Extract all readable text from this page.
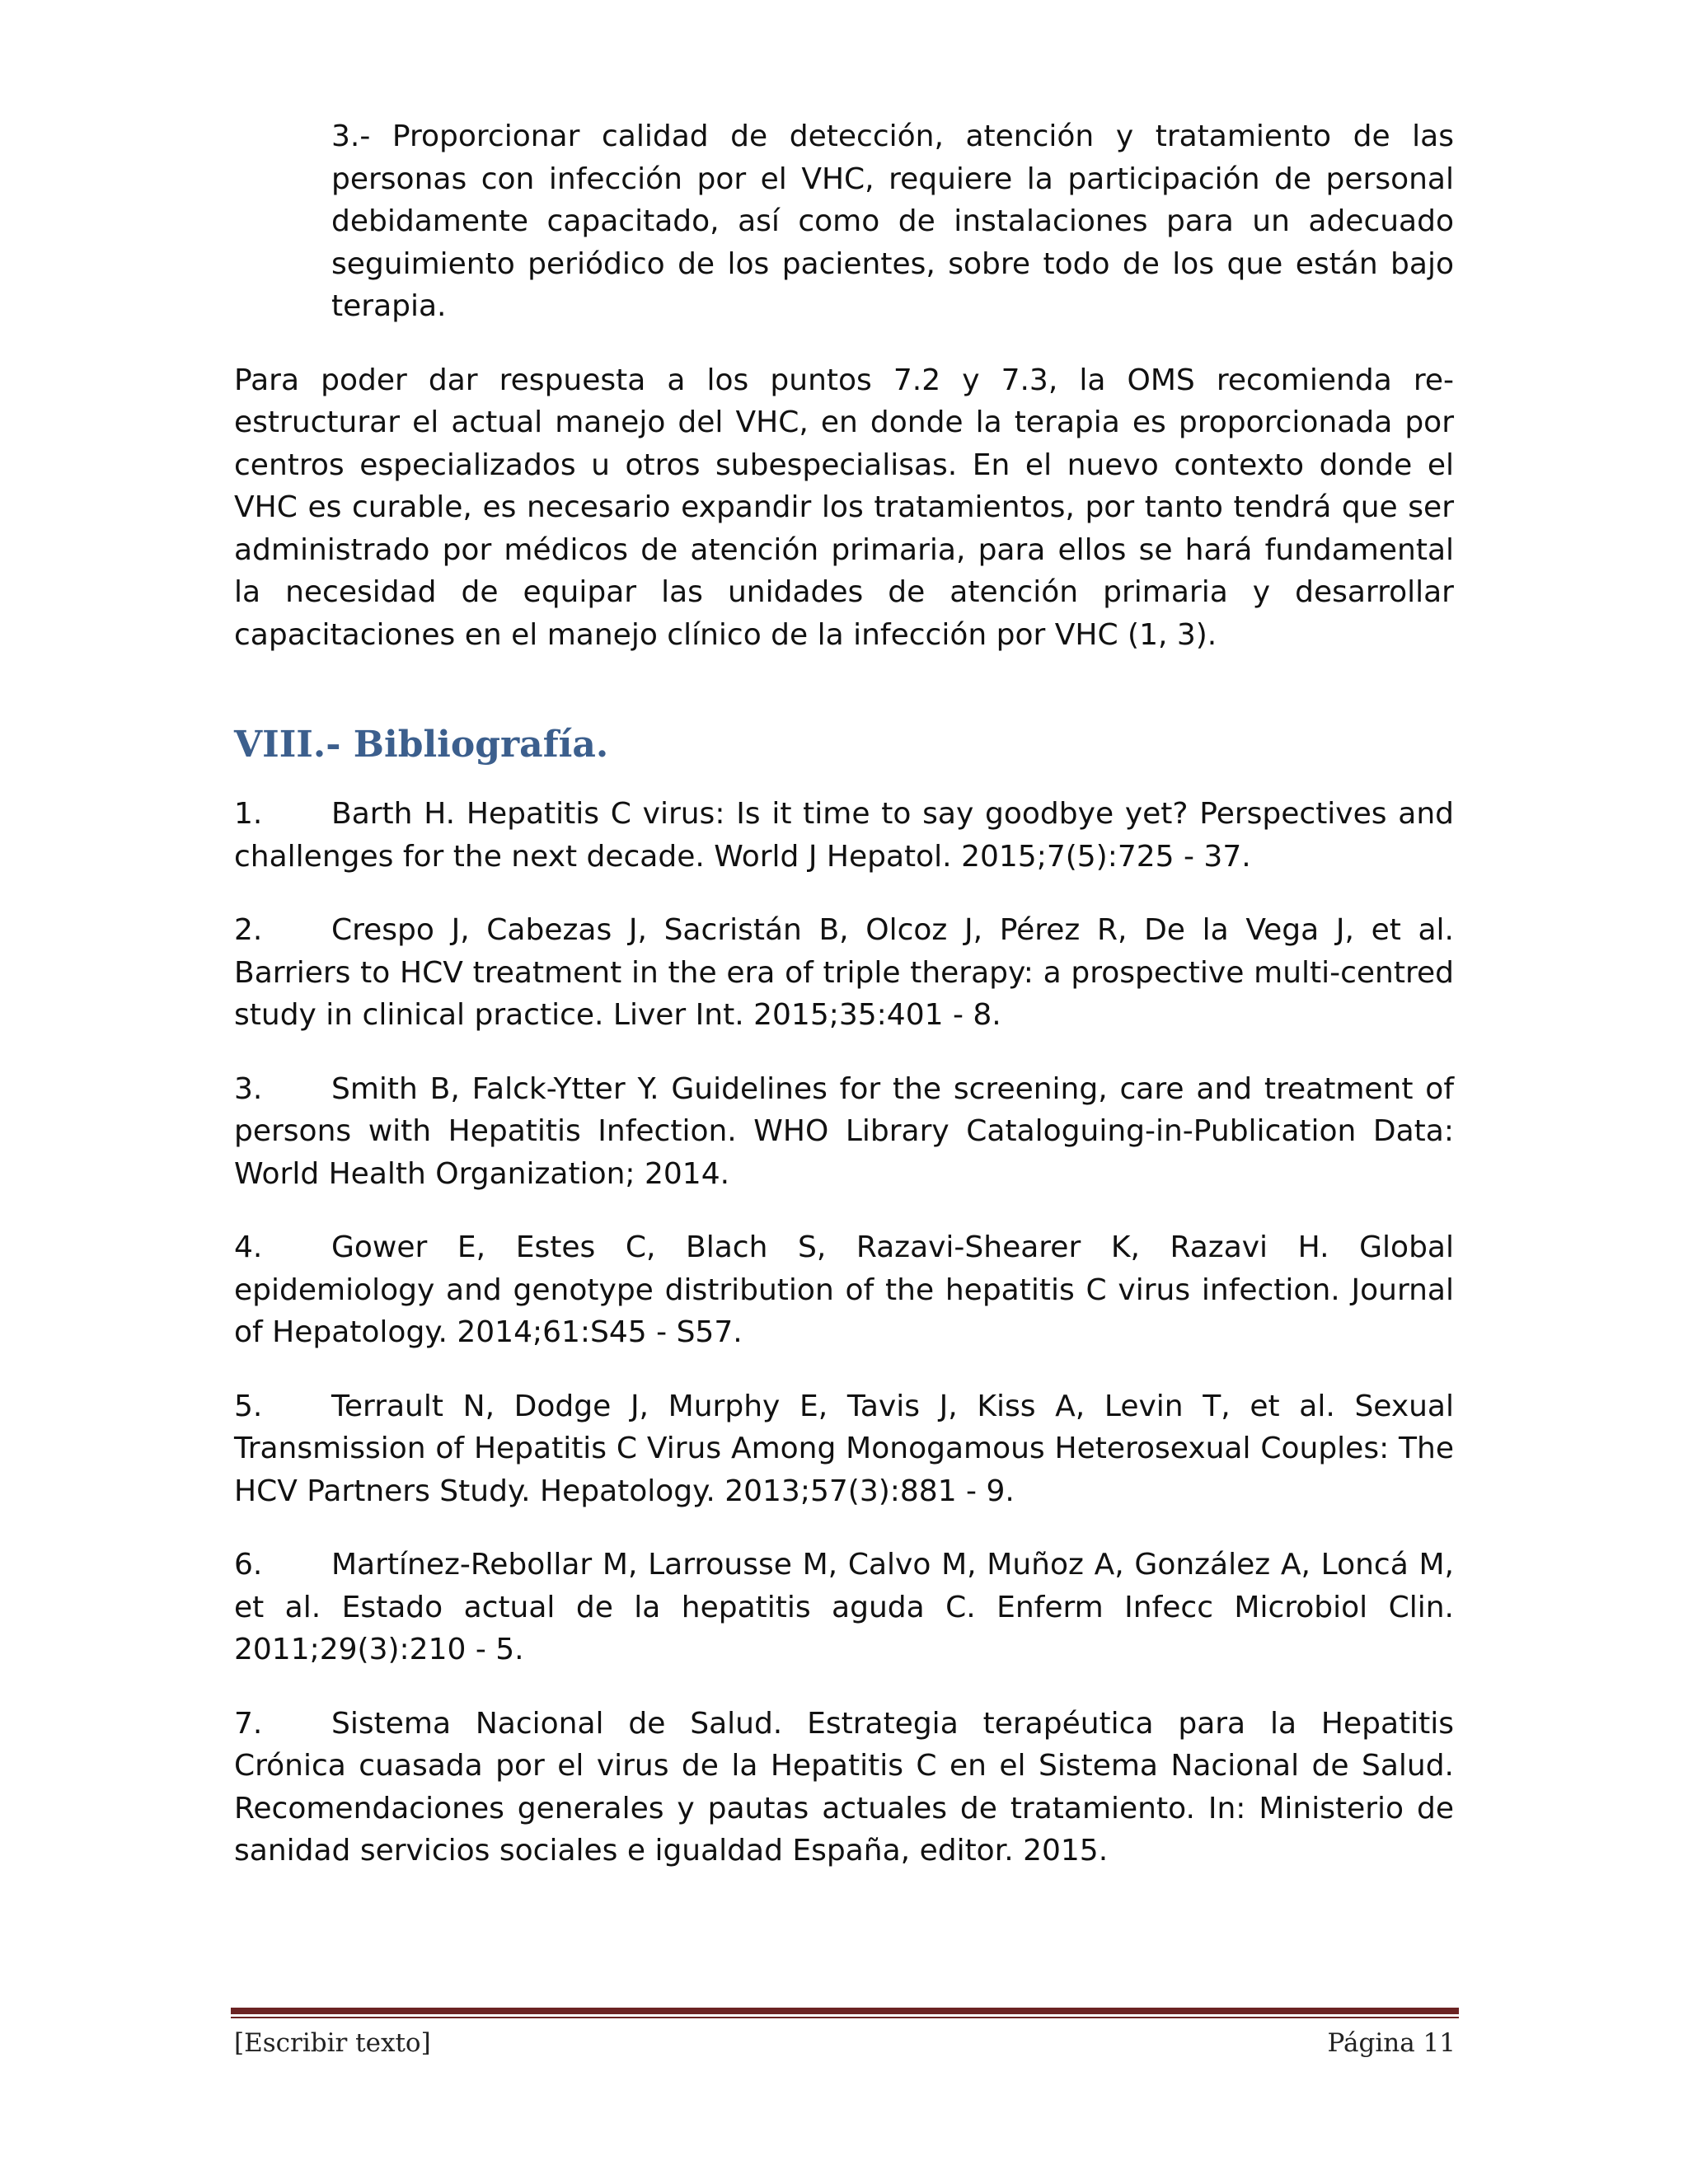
3.- Proporcionar calidad de detección, atención y tratamiento de las personas con infección por el VHC, requiere la participación de personal debidamente capacitado, así como de instalaciones para un adecuado seguimiento periódico de los pacientes, sobre todo de los que están bajo terapia.

Para poder dar respuesta a los puntos 7.2 y 7.3, la OMS recomienda re-estructurar el actual manejo del VHC, en donde la terapia es proporcionada por centros especializados u otros subespecialisas. En el nuevo contexto donde el VHC es curable, es necesario expandir los tratamientos, por tanto tendrá que ser administrado por médicos de atención primaria, para ellos se hará fundamental la necesidad de equipar las unidades de atención primaria y desarrollar capacitaciones en el manejo clínico de la infección por VHC (1, 3).

VIII.- Bibliografía.

1. Barth H. Hepatitis C virus: Is it time to say goodbye yet? Perspectives and challenges for the next decade. World J Hepatol. 2015;7(5):725 - 37.

2. Crespo J, Cabezas J, Sacristán B, Olcoz J, Pérez R, De la Vega J, et al. Barriers to HCV treatment in the era of triple therapy: a prospective multi-centred study in clinical practice. Liver Int. 2015;35:401 - 8.

3. Smith B, Falck-Ytter Y. Guidelines for the screening, care and treatment of persons with Hepatitis Infection. WHO Library Cataloguing-in-Publication Data: World Health Organization; 2014.

4. Gower E, Estes C, Blach S, Razavi-Shearer K, Razavi H. Global epidemiology and genotype distribution of the hepatitis C virus infection. Journal of Hepatology. 2014;61:S45 - S57.

5. Terrault N, Dodge J, Murphy E, Tavis J, Kiss A, Levin T, et al. Sexual Transmission of Hepatitis C Virus Among Monogamous Heterosexual Couples: The HCV Partners Study. Hepatology. 2013;57(3):881 - 9.

6. Martínez-Rebollar M, Larrousse M, Calvo M, Muñoz A, González A, Loncá M, et al. Estado actual de la hepatitis aguda C. Enferm Infecc Microbiol Clin. 2011;29(3):210 - 5.

7. Sistema Nacional de Salud. Estrategia terapéutica para la Hepatitis Crónica cuasada por el virus de la Hepatitis C en el Sistema Nacional de Salud. Recomendaciones generales y pautas actuales de tratamiento. In: Ministerio de sanidad servicios sociales e igualdad España, editor. 2015.

[Escribir texto]	Página 11
